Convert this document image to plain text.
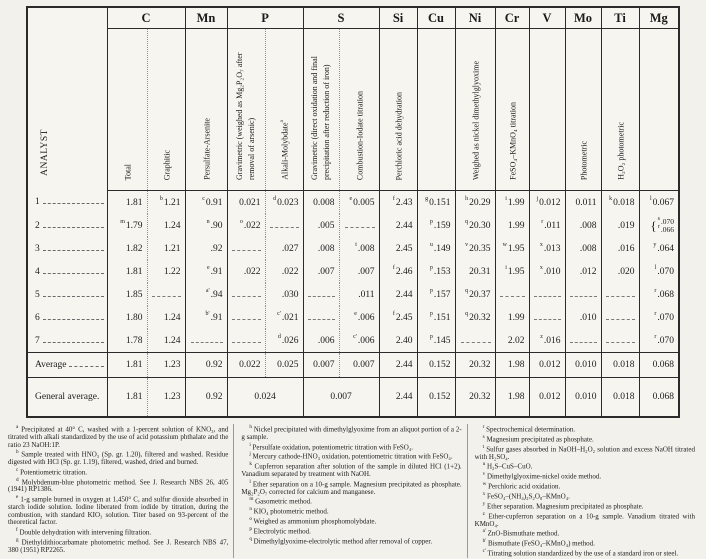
ANALYST	C		Mn	P		S		Si	Cu	Ni	Cr	V	Mo	Ti	Mg
	Total	Graphitic	Persulfate-Arsenite	Gravimetric (weighed as Mg₂P₂O₇ after removal of arsenic)	Alkali-Molybdate$^a$	Gravimetric (direct oxidation and final precipitation after reduction of iron)	Combustion-Iodate titration	Perchloric acid dehydration		Weighed as nickel dimethylglyoxime	FeSO₄–KMnO₄ titration		Photometric	H₂O₂ photometric	

1	1.81	$^b$1.21	$^c$0.91	0.021	$^d$0.023	0.008	$^e$0.005	$^f$2.43	$^g$0.151	$^h$20.29	$^i$1.99	$^j$0.012	0.011	$^k$0.018	$^l$0.067

2	$^m$1.79	1.24	$^n$.90	$^o$.022		.005		2.44	$^p$.159	$^q$20.30	1.99	$^r$.011	.008	.019	{ $^s$.070
$^r$.066

3	1.82	1.21	.92		.027	.008	$^t$.008	2.45	$^u$.149	$^v$20.35	$^w$1.95	$^x$.013	.008	.016	$^y$.064

4	1.81	1.22	$^e$.91	.022	.022	.007	.007	$^f$2.46	$^p$.153	20.31	$^i$1.95	$^x$.010	.012	.020	$^l$.070

5	1.85		$^{a'}$.94		.030		.011	2.44	$^p$.157	$^q$20.37					$^r$.068

6	1.80	1.24	$^{b'}$.91		$^{c'}$.021		$^e$.006	$^f$2.45	$^p$.151	$^q$20.32	1.99		.010		$^r$.070

7	1.78	1.24			$^d$.026	.006	$^{c'}$.006	2.40	$^p$.145		2.02	$^z$.016			$^r$.070

Average	1.81	1.23	0.92	0.022	0.025	0.007	0.007	2.44	0.152	20.32	1.98	0.012	0.010	0.018	0.068
General average.	1.81	1.23	0.92	0.024		0.007		2.44	0.152	20.32	1.98	0.012	0.010	0.018	0.068

$^a$ Precipitated at 40° C, washed with a 1-percent solution of KNO₃, and titrated with alkali standardized by the use of acid potassium phthalate and the ratio 23 NaOH:1P.

$^b$ Sample treated with HNO₃ (Sp. gr. 1.20), filtered and washed. Residue digested with HCl (Sp. gr. 1.19), filtered, washed, dried and burned.

$^c$ Potentiometric titration.

$^d$ Molybdenum-blue photometric method. See J. Research NBS 26, 405 (1941) RP1386.

$^e$ 1-g sample burned in oxygen at 1,450° C, and sulfur dioxide absorbed in starch iodide solution. Iodine liberated from iodide by titration, during the combustion, with standard KIO₃ solution. Titer based on 93-percent of the theoretical factor.

$^f$ Double dehydration with intervening filtration.

$^g$ Diethyldithiocarbamate photometric method. See J. Research NBS 47, 380 (1951) RP2265.

$^h$ Nickel precipitated with dimethylglyoxime from an aliquot portion of a 2-g sample.

$^i$ Persulfate oxidation, potentiometric titration with FeSO₄.

$^j$ Mercury cathode-HNO₃ oxidation, potentiometric titration with FeSO₄.

$^k$ Cupferron separation after solution of the sample in diluted HCl (1+2). Vanadium separated by treatment with NaOH.

$^l$ Ether separation on a 10-g sample. Magnesium precipitated as phosphate. Mg₂P₂O₇ corrected for calcium and manganese.

$^m$ Gasometric method.

$^n$ KIO₄ photometric method.

$^o$ Weighed as ammonium phosphomolybdate.

$^p$ Electrolytic method.

$^q$ Dimethylglyoxime-electrolytic method after removal of copper.

$^r$ Spectrochemical determination.

$^s$ Magnesium precipitated as phosphate.

$^t$ Sulfur gases absorbed in NaOH–H₂O₂ solution and excess NaOH titrated with H₂SO₄.

$^u$ H₂S–CuS–CuO.

$^v$ Dimethylglyoxime-nickel oxide method.

$^w$ Perchloric acid oxidation.

$^x$ FeSO₄–(NH₄)₂S₂O₈–KMnO₄.

$^y$ Ether separation. Magnesium precipitated as phosphate.

$^z$ Ether-cupferron separation on a 10-g sample. Vanadium titrated with KMnO₄.

$^{a'}$ ZnO-Bismuthate method.

$^{b'}$ Bismuthate (FeSO₄–KMnO₄) method.

$^{c'}$ Titrating solution standardized by the use of a standard iron or steel.
